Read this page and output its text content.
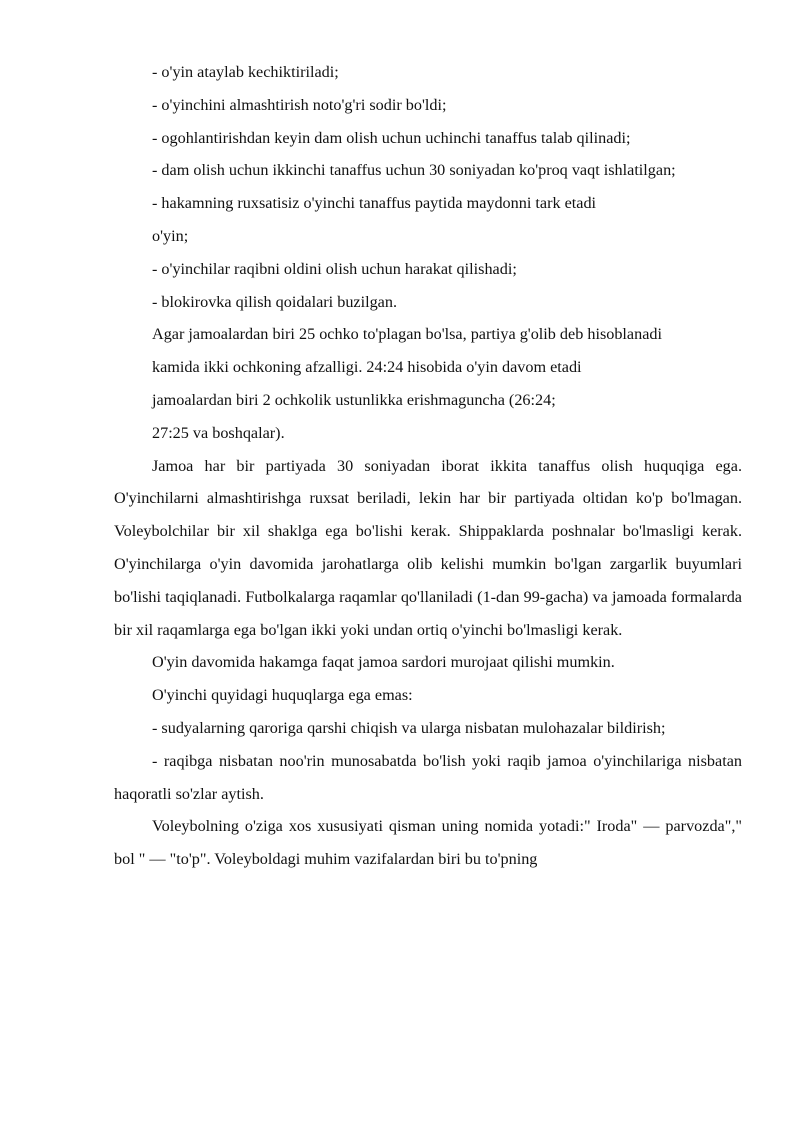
- o'yin ataylab kechiktiriladi;

- o'yinchini almashtirish noto'g'ri sodir bo'ldi;

- ogohlantirishdan keyin dam olish uchun uchinchi tanaffus talab qilinadi;

- dam olish uchun ikkinchi tanaffus uchun 30 soniyadan ko'proq vaqt ishlatilgan;

- hakamning ruxsatisiz o'yinchi tanaffus paytida maydonni tark etadi

o'yin;

- o'yinchilar raqibni oldini olish uchun harakat qilishadi;

- blokirovka qilish qoidalari buzilgan.

Agar jamoalardan biri 25 ochko to'plagan bo'lsa, partiya g'olib deb hisoblanadi

kamida ikki ochkoning afzalligi. 24:24 hisobida o'yin davom etadi

jamoalardan biri 2 ochkolik ustunlikka erishmaguncha (26:24;

27:25 va boshqalar).

Jamoa har bir partiyada 30 soniyadan iborat ikkita tanaffus olish huquqiga ega. O'yinchilarni almashtirishga ruxsat beriladi, lekin har bir partiyada oltidan ko'p bo'lmagan. Voleybolchilar bir xil shaklga ega bo'lishi kerak. Shippaklarda poshnalar bo'lmasligi kerak. O'yinchilarga o'yin davomida jarohatlarga olib kelishi mumkin bo'lgan zargarlik buyumlari bo'lishi taqiqlanadi. Futbolkalarga raqamlar qo'llaniladi (1-dan 99-gacha) va jamoada formalarda bir xil raqamlarga ega bo'lgan ikki yoki undan ortiq o'yinchi bo'lmasligi kerak.

O'yin davomida hakamga faqat jamoa sardori murojaat qilishi mumkin.

O'yinchi quyidagi huquqlarga ega emas:

- sudyalarning qaroriga qarshi chiqish va ularga nisbatan mulohazalar bildirish;

- raqibga nisbatan noo'rin munosabatda bo'lish yoki raqib jamoa o'yinchilariga nisbatan haqoratli so'zlar aytish.

Voleybolning o'ziga xos xususiyati qisman uning nomida yotadi:" Iroda" — parvozda"," bol " — "to'p". Voleyboldagi muhim vazifalardan biri bu to'pning
